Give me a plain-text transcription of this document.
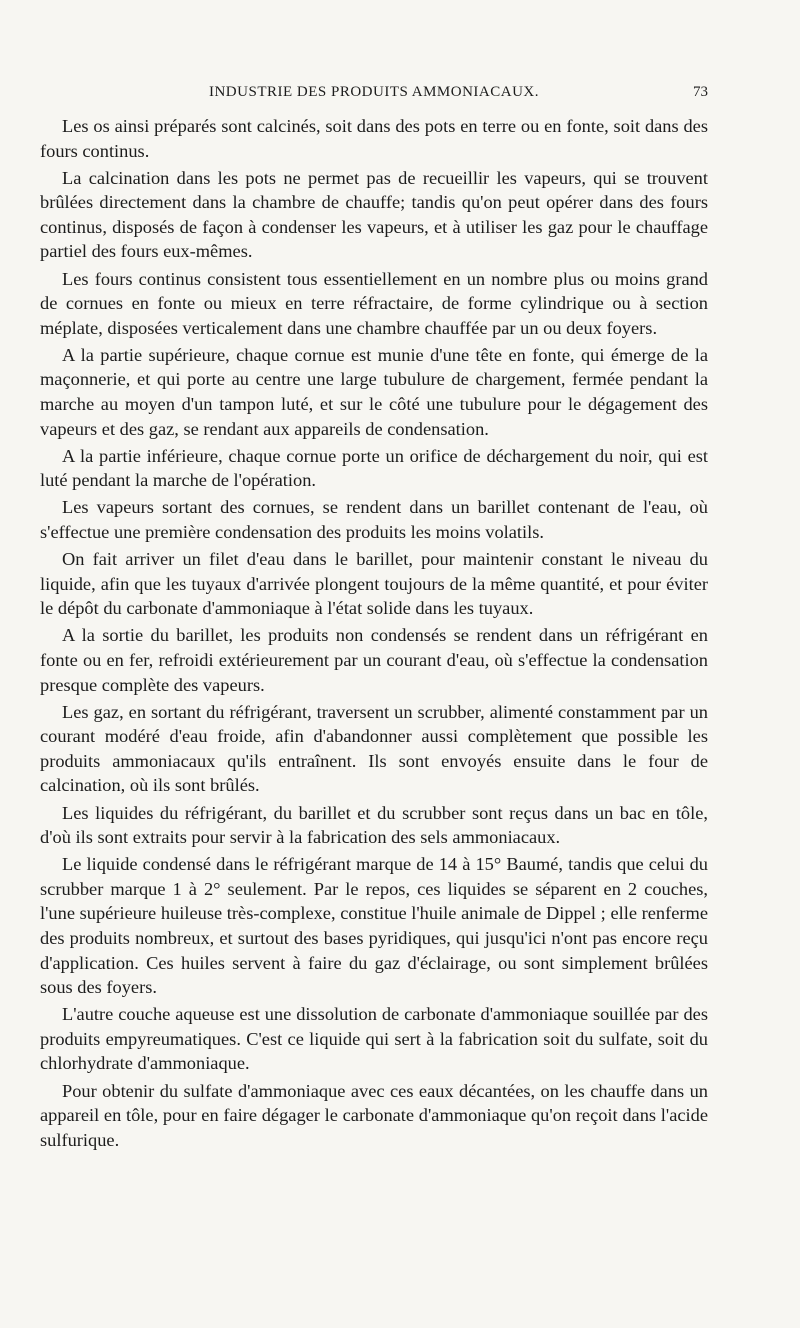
INDUSTRIE DES PRODUITS AMMONIACAUX.	73

Les os ainsi préparés sont calcinés, soit dans des pots en terre ou en fonte, soit dans des fours continus.

La calcination dans les pots ne permet pas de recueillir les vapeurs, qui se trouvent brûlées directement dans la chambre de chauffe; tandis qu'on peut opérer dans des fours continus, disposés de façon à condenser les vapeurs, et à utiliser les gaz pour le chauffage partiel des fours eux-mêmes.

Les fours continus consistent tous essentiellement en un nombre plus ou moins grand de cornues en fonte ou mieux en terre réfractaire, de forme cylindrique ou à section méplate, disposées verticalement dans une chambre chauffée par un ou deux foyers.

A la partie supérieure, chaque cornue est munie d'une tête en fonte, qui émerge de la maçonnerie, et qui porte au centre une large tubulure de chargement, fermée pendant la marche au moyen d'un tampon luté, et sur le côté une tubulure pour le dégagement des vapeurs et des gaz, se rendant aux appareils de condensation.

A la partie inférieure, chaque cornue porte un orifice de déchargement du noir, qui est luté pendant la marche de l'opération.

Les vapeurs sortant des cornues, se rendent dans un barillet contenant de l'eau, où s'effectue une première condensation des produits les moins volatils.

On fait arriver un filet d'eau dans le barillet, pour maintenir constant le niveau du liquide, afin que les tuyaux d'arrivée plongent toujours de la même quantité, et pour éviter le dépôt du carbonate d'ammoniaque à l'état solide dans les tuyaux.

A la sortie du barillet, les produits non condensés se rendent dans un réfrigérant en fonte ou en fer, refroidi extérieurement par un courant d'eau, où s'effectue la condensation presque complète des vapeurs.

Les gaz, en sortant du réfrigérant, traversent un scrubber, alimenté constamment par un courant modéré d'eau froide, afin d'abandonner aussi complètement que possible les produits ammoniacaux qu'ils entraînent. Ils sont envoyés ensuite dans le four de calcination, où ils sont brûlés.

Les liquides du réfrigérant, du barillet et du scrubber sont reçus dans un bac en tôle, d'où ils sont extraits pour servir à la fabrication des sels ammoniacaux.

Le liquide condensé dans le réfrigérant marque de 14 à 15° Baumé, tandis que celui du scrubber marque 1 à 2° seulement. Par le repos, ces liquides se séparent en 2 couches, l'une supérieure huileuse très-complexe, constitue l'huile animale de Dippel ; elle renferme des produits nombreux, et surtout des bases pyridiques, qui jusqu'ici n'ont pas encore reçu d'application. Ces huiles servent à faire du gaz d'éclairage, ou sont simplement brûlées sous des foyers.

L'autre couche aqueuse est une dissolution de carbonate d'ammoniaque souillée par des produits empyreumatiques. C'est ce liquide qui sert à la fabrication soit du sulfate, soit du chlorhydrate d'ammoniaque.

Pour obtenir du sulfate d'ammoniaque avec ces eaux décantées, on les chauffe dans un appareil en tôle, pour en faire dégager le carbonate d'ammoniaque qu'on reçoit dans l'acide sulfurique.
